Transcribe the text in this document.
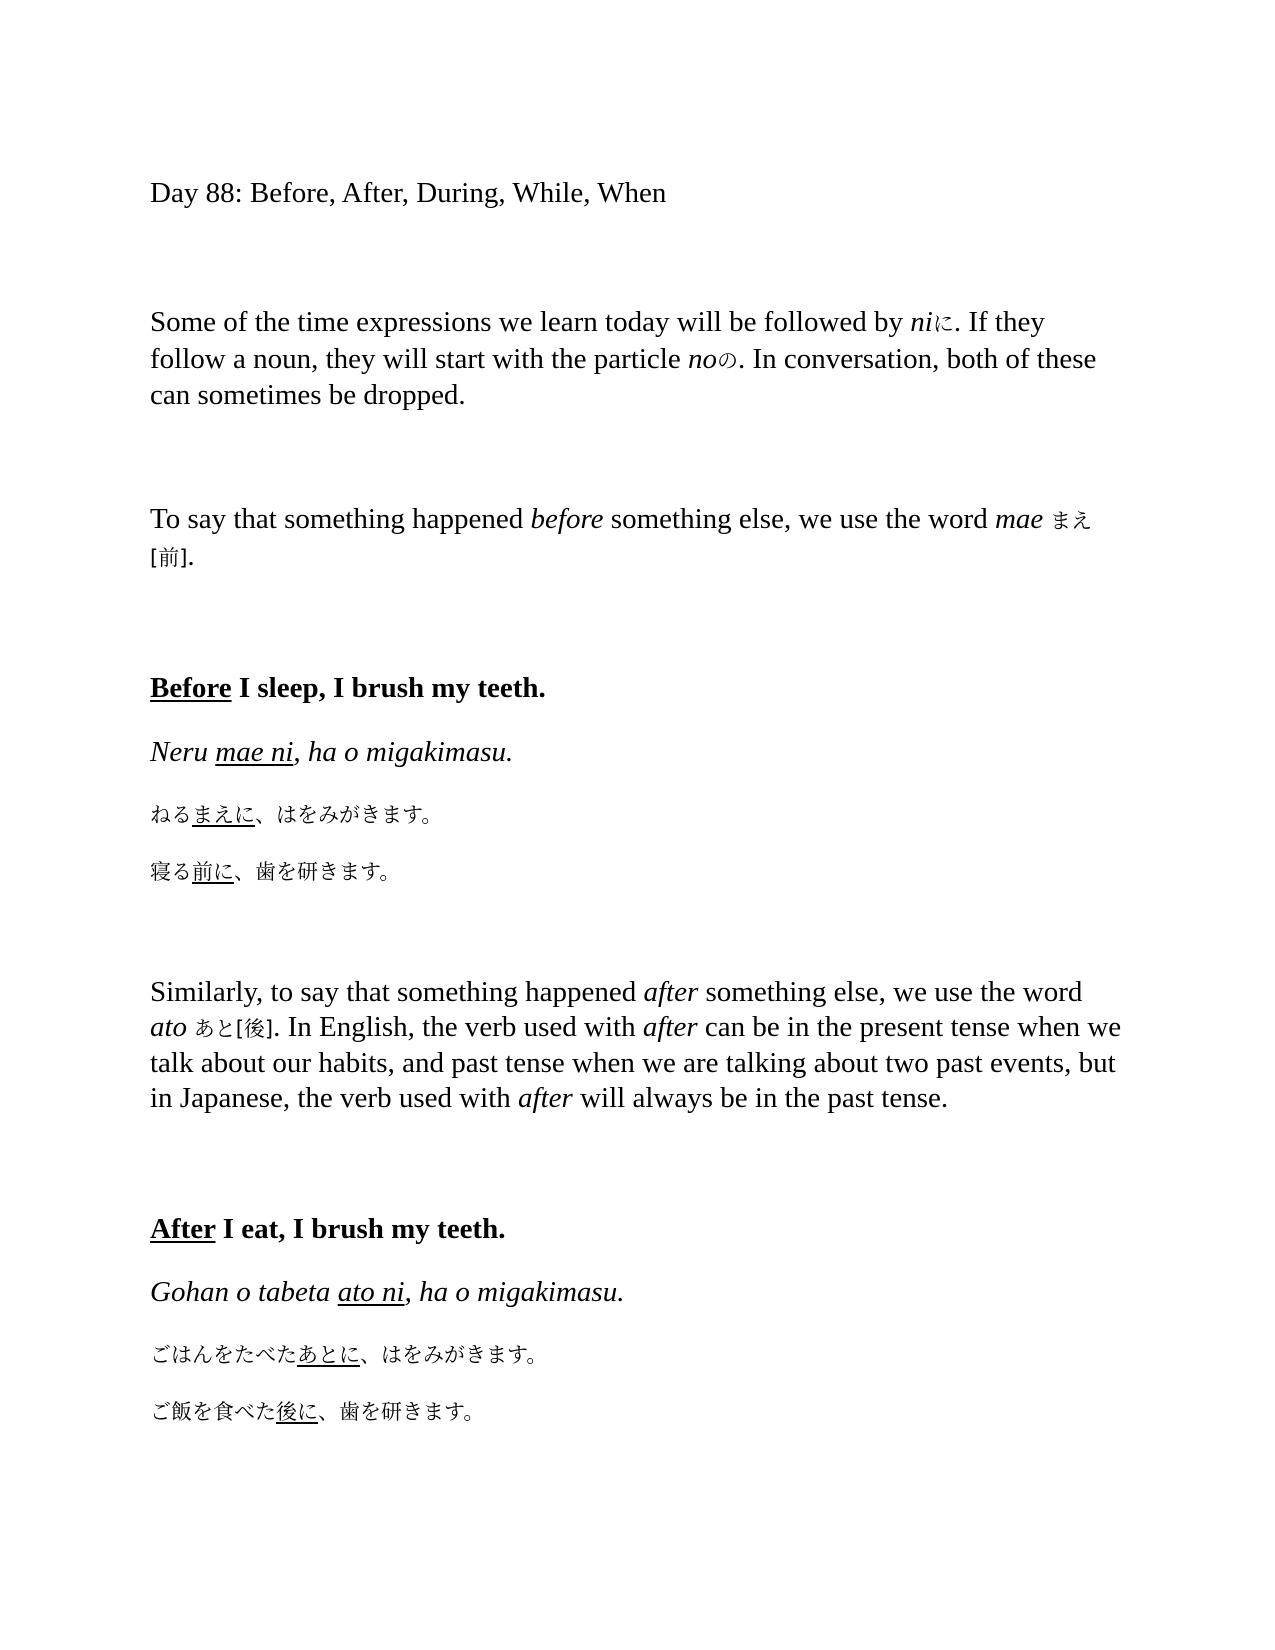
Day 88: Before, After, During, While, When

Some of the time expressions we learn today will be followed by niに. If they follow a noun, they will start with the particle noの. In conversation, both of these can sometimes be dropped.

To say that something happened before something else, we use the word mae まえ[前].

Before I sleep, I brush my teeth.
Neru mae ni, ha o migakimasu.
ねるまえに、はをみがきます。
寝る前に、歯を研きます。

Similarly, to say that something happened after something else, we use the word ato あと[後]. In English, the verb used with after can be in the present tense when we talk about our habits, and past tense when we are talking about two past events, but in Japanese, the verb used with after will always be in the past tense.

After I eat, I brush my teeth.
Gohan o tabeta ato ni, ha o migakimasu.
ごはんをたべたあとに、はをみがきます。
ご飯を食べた後に、歯を研きます。
